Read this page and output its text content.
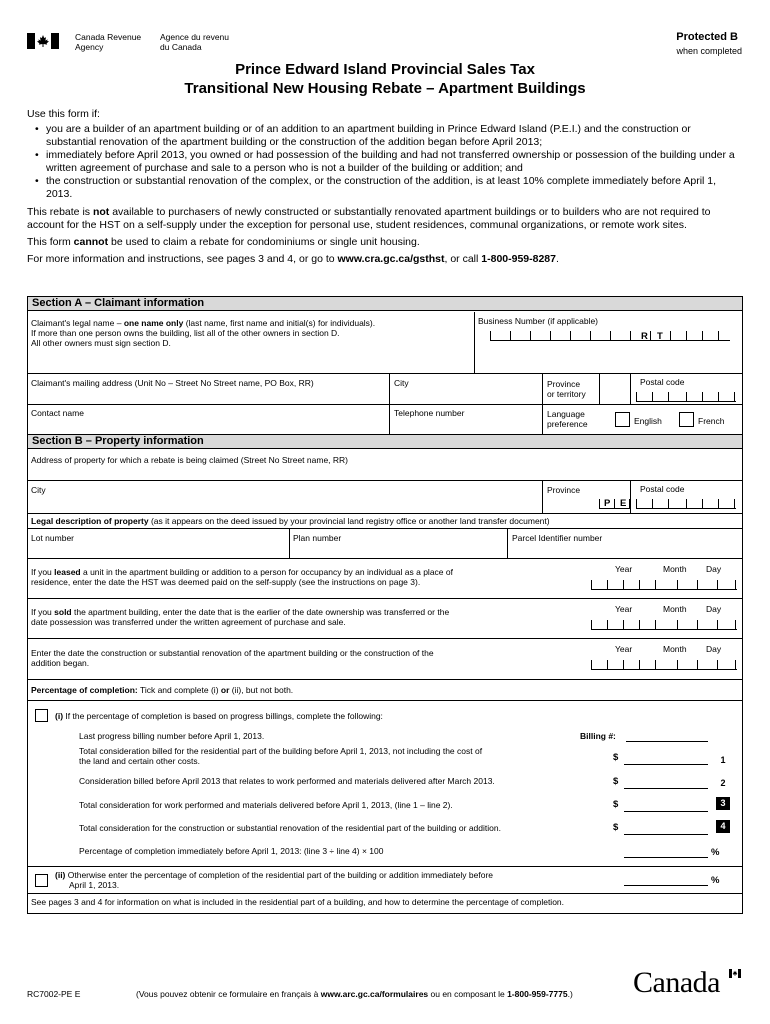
Canada Revenue
Agency
Agence du revenu
du Canada
Protected B
when completed
Prince Edward Island Provincial Sales Tax
Transitional New Housing Rebate – Apartment Buildings
Use this form if:
• you are a builder of an apartment building or of an addition to an apartment building in Prince Edward Island (P.E.I.) and the construction or substantial renovation of the apartment building or the construction of the addition began before April 2013;
• immediately before April 2013, you owned or had possession of the building and had not transferred ownership or possession of the building under a written agreement of purchase and sale to a person who is not a builder of the building or addition; and
• the construction or substantial renovation of the complex, or the construction of the addition, is at least 10% complete immediately before April 1, 2013.
This rebate is not available to purchasers of newly constructed or substantially renovated apartment buildings or to builders who are not required to account for the HST on a self-supply under the exception for personal use, student residences, communal organizations, or remote work sites.
This form cannot be used to claim a rebate for condominiums or single unit housing.
For more information and instructions, see pages 3 and 4, or go to www.cra.gc.ca/gsthst, or call 1-800-959-8287.
Section A – Claimant information
Claimant's legal name – one name only (last name, first name and initial(s) for individuals).
If more than one person owns the building, list all of the other owners in section D.
All other owners must sign section D.
Business Number (if applicable)
R T
Claimant's mailing address (Unit No – Street No Street name, PO Box, RR)	City	Province
or territory
Postal code
Contact name	Telephone number	Language
preference	English	French
Section B – Property information
Address of property for which a rebate is being claimed (Street No Street name, RR)
City	Province
P E
Postal code
Legal description of property (as it appears on the deed issued by your provincial land registry office or another land transfer document)
Lot number	Plan number	Parcel Identifier number
If you leased a unit in the apartment building or addition to a person for occupancy by an individual as a place of
residence, enter the date the HST was deemed paid on the self-supply (see the instructions on page 3).
Year	Month Day
If you sold the apartment building, enter the date that is the earlier of the date ownership was transferred or the
date possession was transferred under the written agreement of purchase and sale.
Year	Month Day
Enter the date the construction or substantial renovation of the apartment building or the construction of the
addition began.
Year	Month Day
Percentage of completion: Tick and complete (i) or (ii), but not both.
(i) If the percentage of completion is based on progress billings, complete the following:
Last progress billing number before April 1, 2013.	Billing #:
Total consideration billed for the residential part of the building before April 1, 2013, not including the cost of
the land and certain other costs.	$	1
Consideration billed before April 2013 that relates to work performed and materials delivered after March 2013.	$	2
Total consideration for work performed and materials delivered before April 1, 2013, (line 1 – line 2).	$	3
Total consideration for the construction or substantial renovation of the residential part of the building or addition.	$	4
Percentage of completion immediately before April 1, 2013: (line 3 ÷ line 4) × 100	%
(ii) Otherwise enter the percentage of completion of the residential part of the building or addition immediately before
April 1, 2013.	%
See pages 3 and 4 for information on what is included in the residential part of a building, and how to determine the percentage of completion.
RC7002-PE E	(Vous pouvez obtenir ce formulaire en français à www.arc.gc.ca/formulaires ou en composant le 1-800-959-7775.) Canada
